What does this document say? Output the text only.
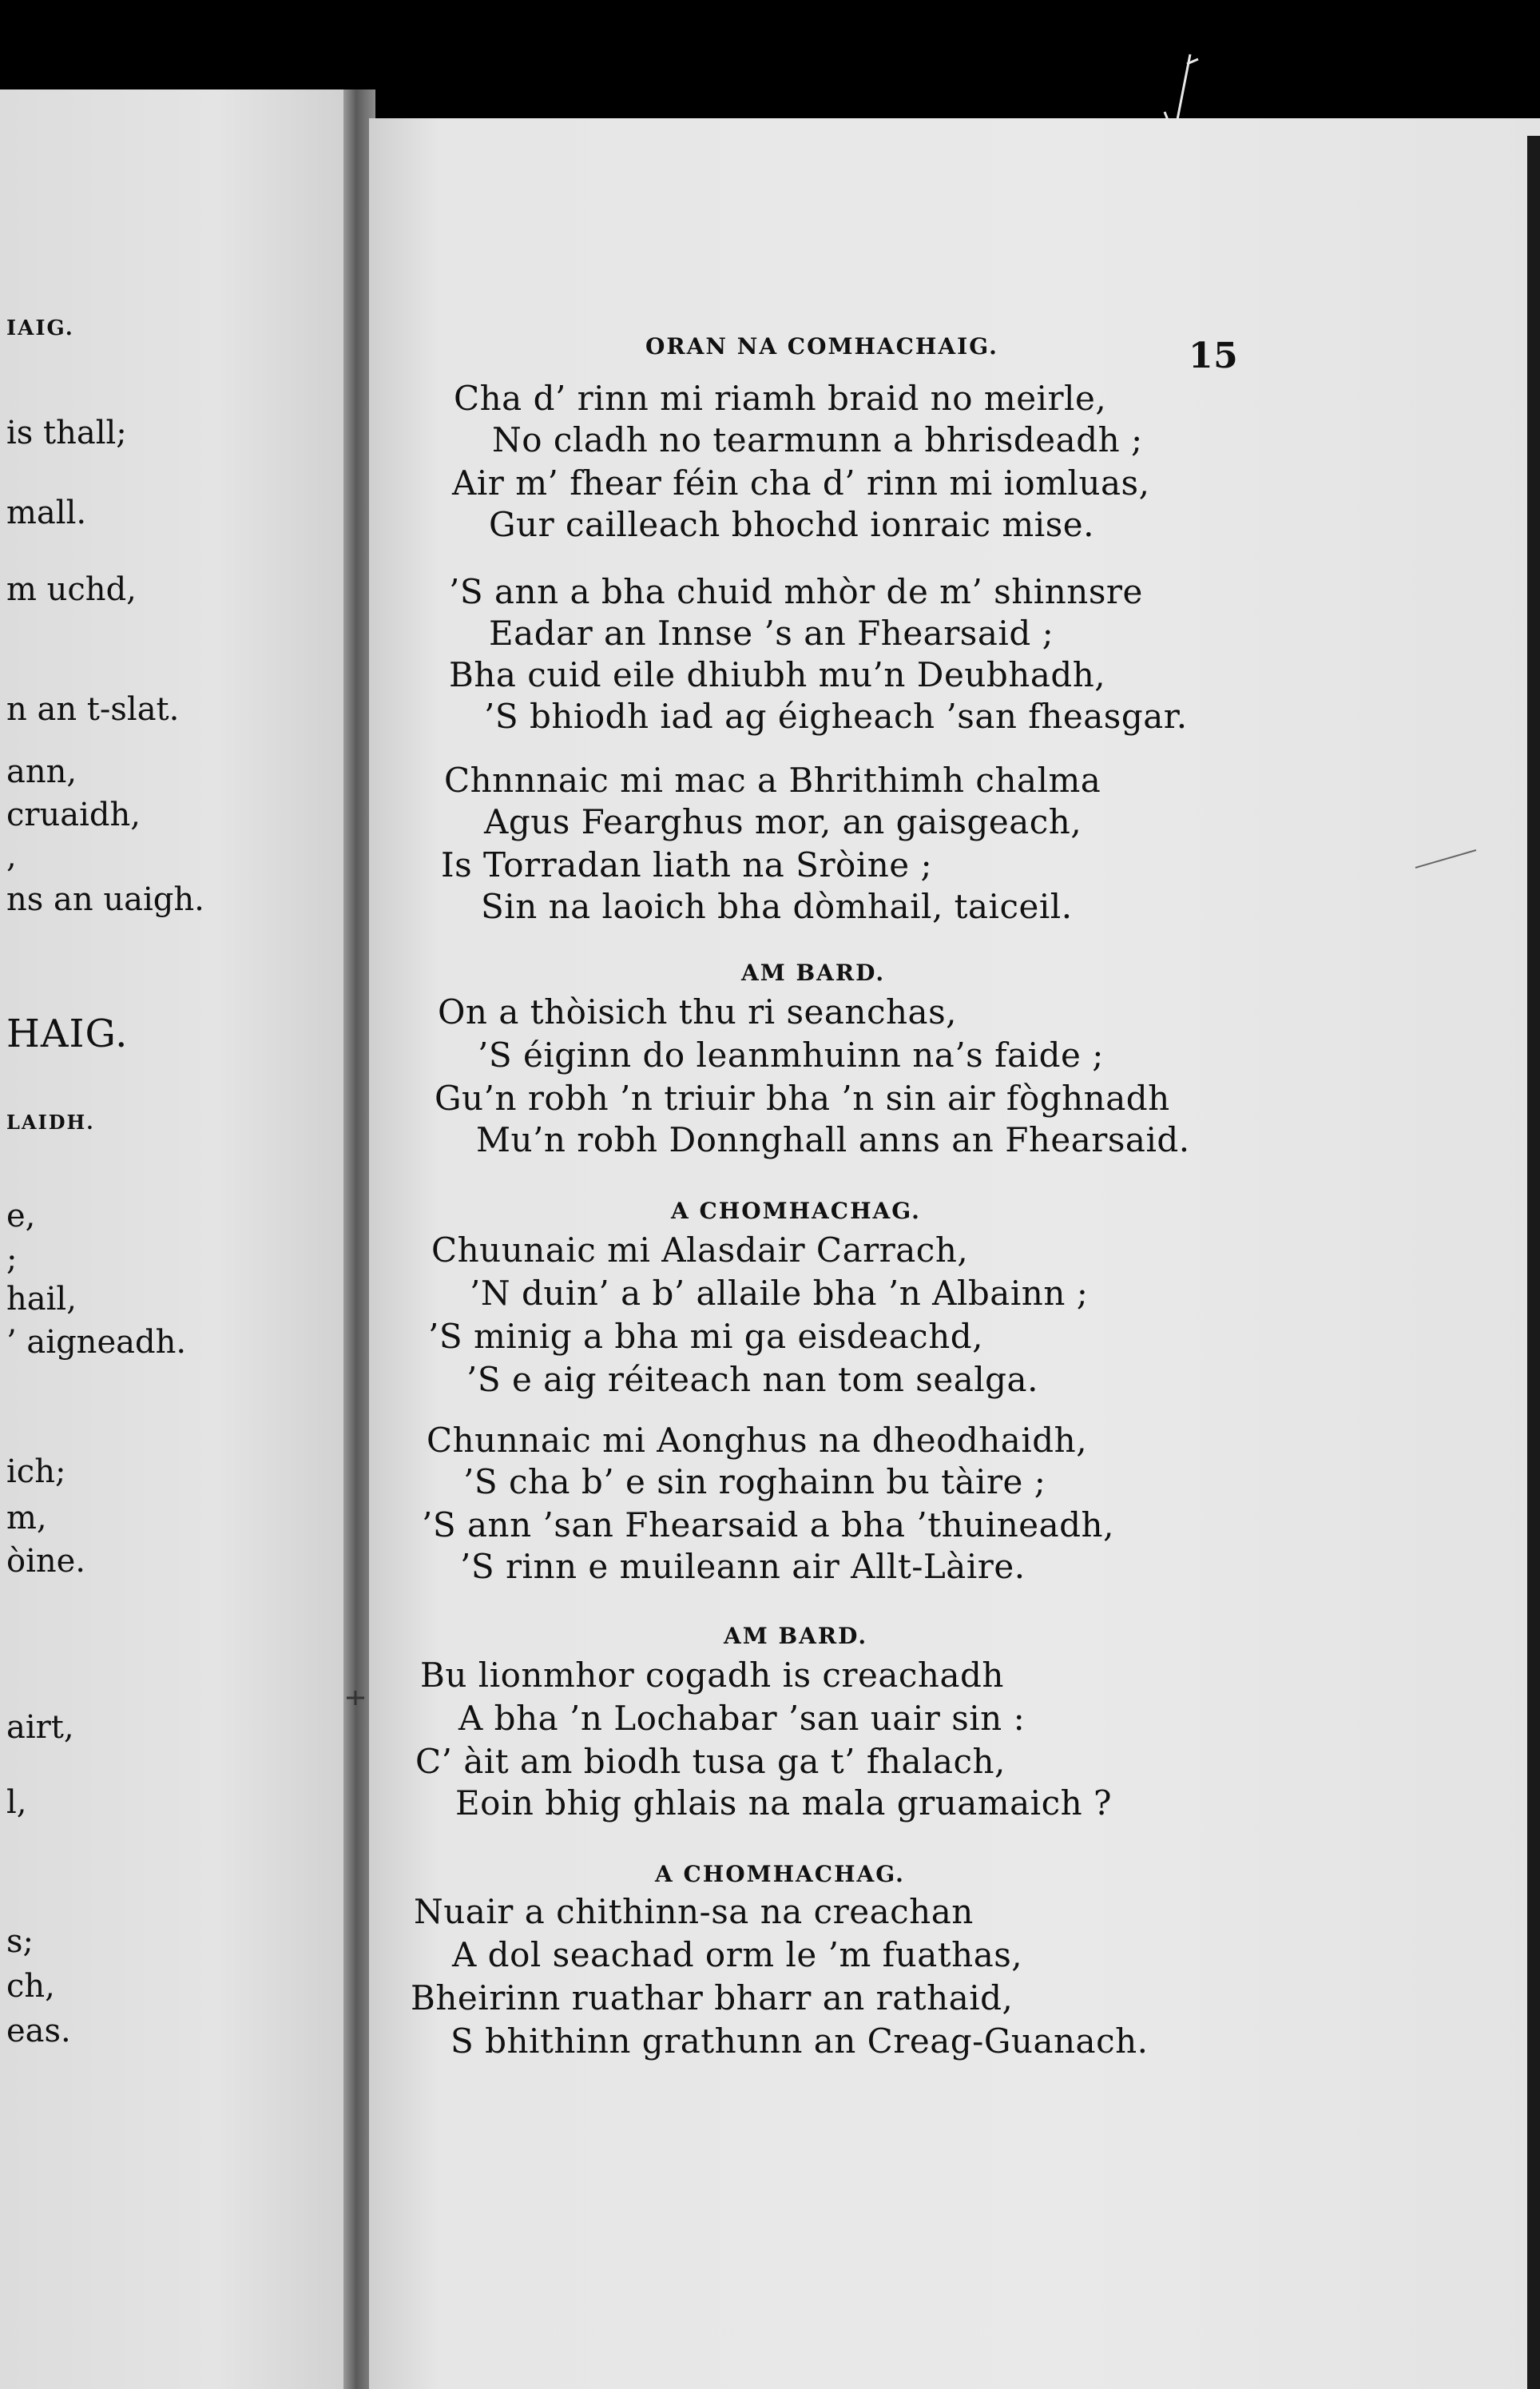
IAIG.
is thall;
mall.
m uchd,
n an t-slat.
ann,
cruaidh,
,
ns an uaigh.
HAIG.
LAIDH.
e,
;
hail,
’ aigneadh.
ich;
m,
òine.
airt,
l,
s;
ch,
eas.
ORAN NA COMHACHAIG.	15
Cha d’ rinn mi riamh braid no meirle,
No cladh no tearmunn a bhrisdeadh ;
Air m’ fhear féin cha d’ rinn mi iomluas,
Gur cailleach bhochd ionraic mise.
’S ann a bha chuid mhòr de m’ shinnsre
Eadar an Innse ’s an Fhearsaid ;
Bha cuid eile dhiubh mu’n Deubhadh,
’S bhiodh iad ag éigheach ’san fheasgar.
Chnnnaic mi mac a Bhrithimh chalma
Agus Fearghus mor, an gaisgeach,
Is Torradan liath na Sròine ;
Sin na laoich bha dòmhail, taiceil.
AM BARD.
On a thòisich thu ri seanchas,
’S éiginn do leanmhuinn na’s faide ;
Gu’n robh ’n triuir bha ’n sin air fòghnadh
Mu’n robh Donnghall anns an Fhearsaid.
A CHOMHACHAG.
Chuunaic mi Alasdair Carrach,
’N duin’ a b’ allaile bha ’n Albainn ;
’S minig a bha mi ga eisdeachd,
’S e aig réiteach nan tom sealga.
Chunnaic mi Aonghus na dheodhaidh,
’S cha b’ e sin roghainn bu tàire ;
’S ann ’san Fhearsaid a bha ’thuineadh,
’S rinn e muileann air Allt-Làire.
AM BARD.
Bu lionmhor cogadh is creachadh
A bha ’n Lochabar ’san uair sin :
C’ àit am biodh tusa ga t’ fhalach,
Eoin bhig ghlais na mala gruamaich ?
A CHOMHACHAG.
Nuair a chithinn-sa na creachan
A dol seachad orm le ’m fuathas,
Bheirinn ruathar bharr an rathaid,
S bhithinn grathunn an Creag-Guanach.
